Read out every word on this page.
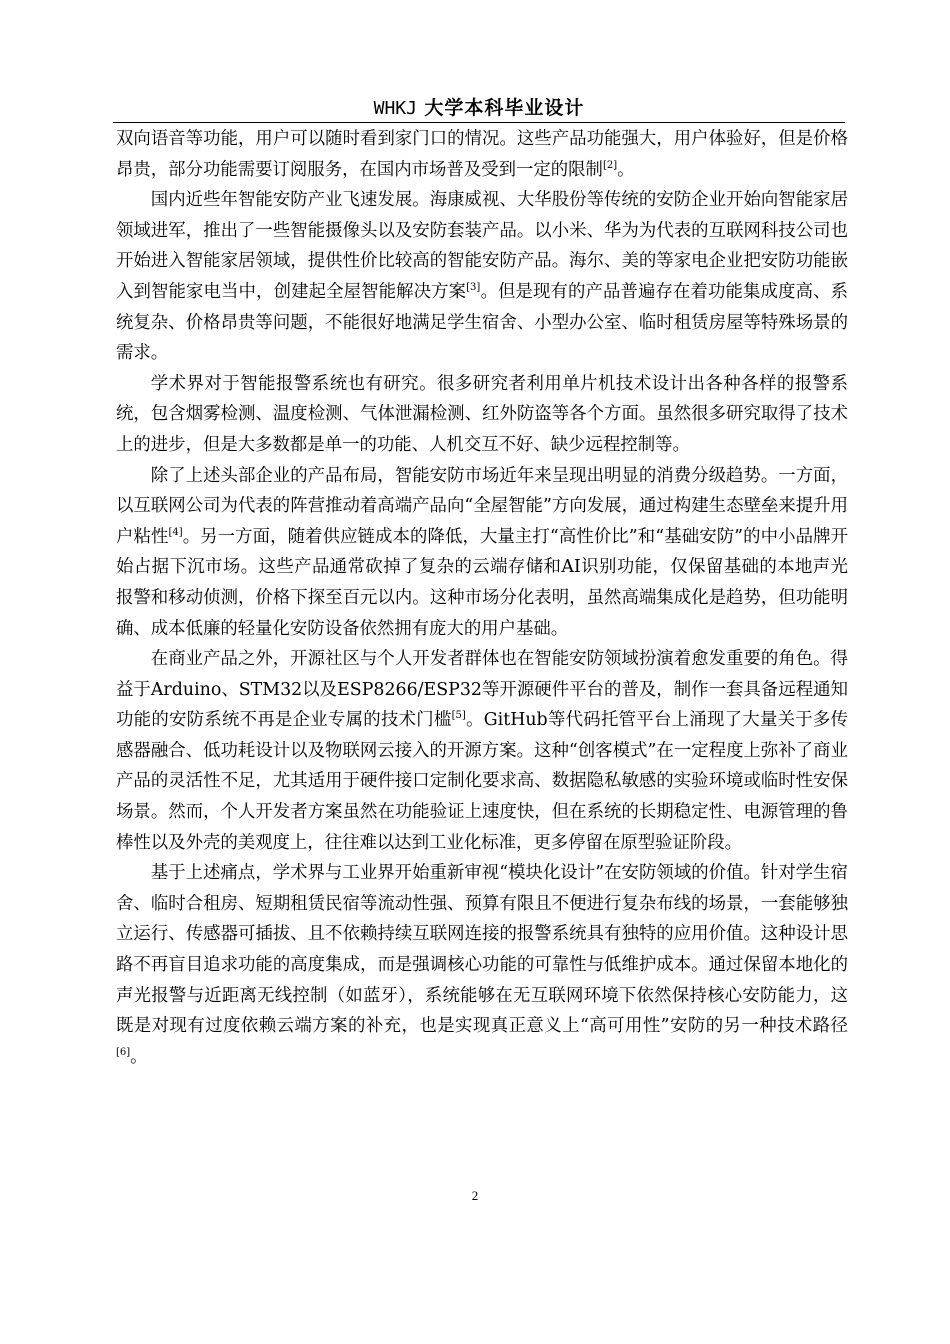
WHKJ 大学本科毕业设计

双向语音等功能，用户可以随时看到家门口的情况。这些产品功能强大，用户体验好，但是价格昂贵，部分功能需要订阅服务，在国内市场普及受到一定的限制[2]。

国内近些年智能安防产业飞速发展。海康威视、大华股份等传统的安防企业开始向智能家居领域进军，推出了一些智能摄像头以及安防套装产品。以小米、华为为代表的互联网科技公司也开始进入智能家居领域，提供性价比较高的智能安防产品。海尔、美的等家电企业把安防功能嵌入到智能家电当中，创建起全屋智能解决方案[3]。但是现有的产品普遍存在着功能集成度高、系统复杂、价格昂贵等问题，不能很好地满足学生宿舍、小型办公室、临时租赁房屋等特殊场景的需求。

学术界对于智能报警系统也有研究。很多研究者利用单片机技术设计出各种各样的报警系统，包含烟雾检测、温度检测、气体泄漏检测、红外防盗等各个方面。虽然很多研究取得了技术上的进步，但是大多数都是单一的功能、人机交互不好、缺少远程控制等。

除了上述头部企业的产品布局，智能安防市场近年来呈现出明显的消费分级趋势。一方面，以互联网公司为代表的阵营推动着高端产品向“全屋智能”方向发展，通过构建生态壁垒来提升用户粘性[4]。另一方面，随着供应链成本的降低，大量主打“高性价比”和“基础安防”的中小品牌开始占据下沉市场。这些产品通常砍掉了复杂的云端存储和AI识别功能，仅保留基础的本地声光报警和移动侦测，价格下探至百元以内。这种市场分化表明，虽然高端集成化是趋势，但功能明确、成本低廉的轻量化安防设备依然拥有庞大的用户基础。

在商业产品之外，开源社区与个人开发者群体也在智能安防领域扮演着愈发重要的角色。得益于Arduino、STM32以及ESP8266/ESP32等开源硬件平台的普及，制作一套具备远程通知功能的安防系统不再是企业专属的技术门槛[5]。GitHub等代码托管平台上涌现了大量关于多传感器融合、低功耗设计以及物联网云接入的开源方案。这种“创客模式”在一定程度上弥补了商业产品的灵活性不足，尤其适用于硬件接口定制化要求高、数据隐私敏感的实验环境或临时性安保场景。然而，个人开发者方案虽然在功能验证上速度快，但在系统的长期稳定性、电源管理的鲁棒性以及外壳的美观度上，往往难以达到工业化标准，更多停留在原型验证阶段。

基于上述痛点，学术界与工业界开始重新审视“模块化设计”在安防领域的价值。针对学生宿舍、临时合租房、短期租赁民宿等流动性强、预算有限且不便进行复杂布线的场景，一套能够独立运行、传感器可插拔、且不依赖持续互联网连接的报警系统具有独特的应用价值。这种设计思路不再盲目追求功能的高度集成，而是强调核心功能的可靠性与低维护成本。通过保留本地化的声光报警与近距离无线控制（如蓝牙），系统能够在无互联网环境下依然保持核心安防能力，这既是对现有过度依赖云端方案的补充，也是实现真正意义上“高可用性”安防的另一种技术路径[6]。

2
